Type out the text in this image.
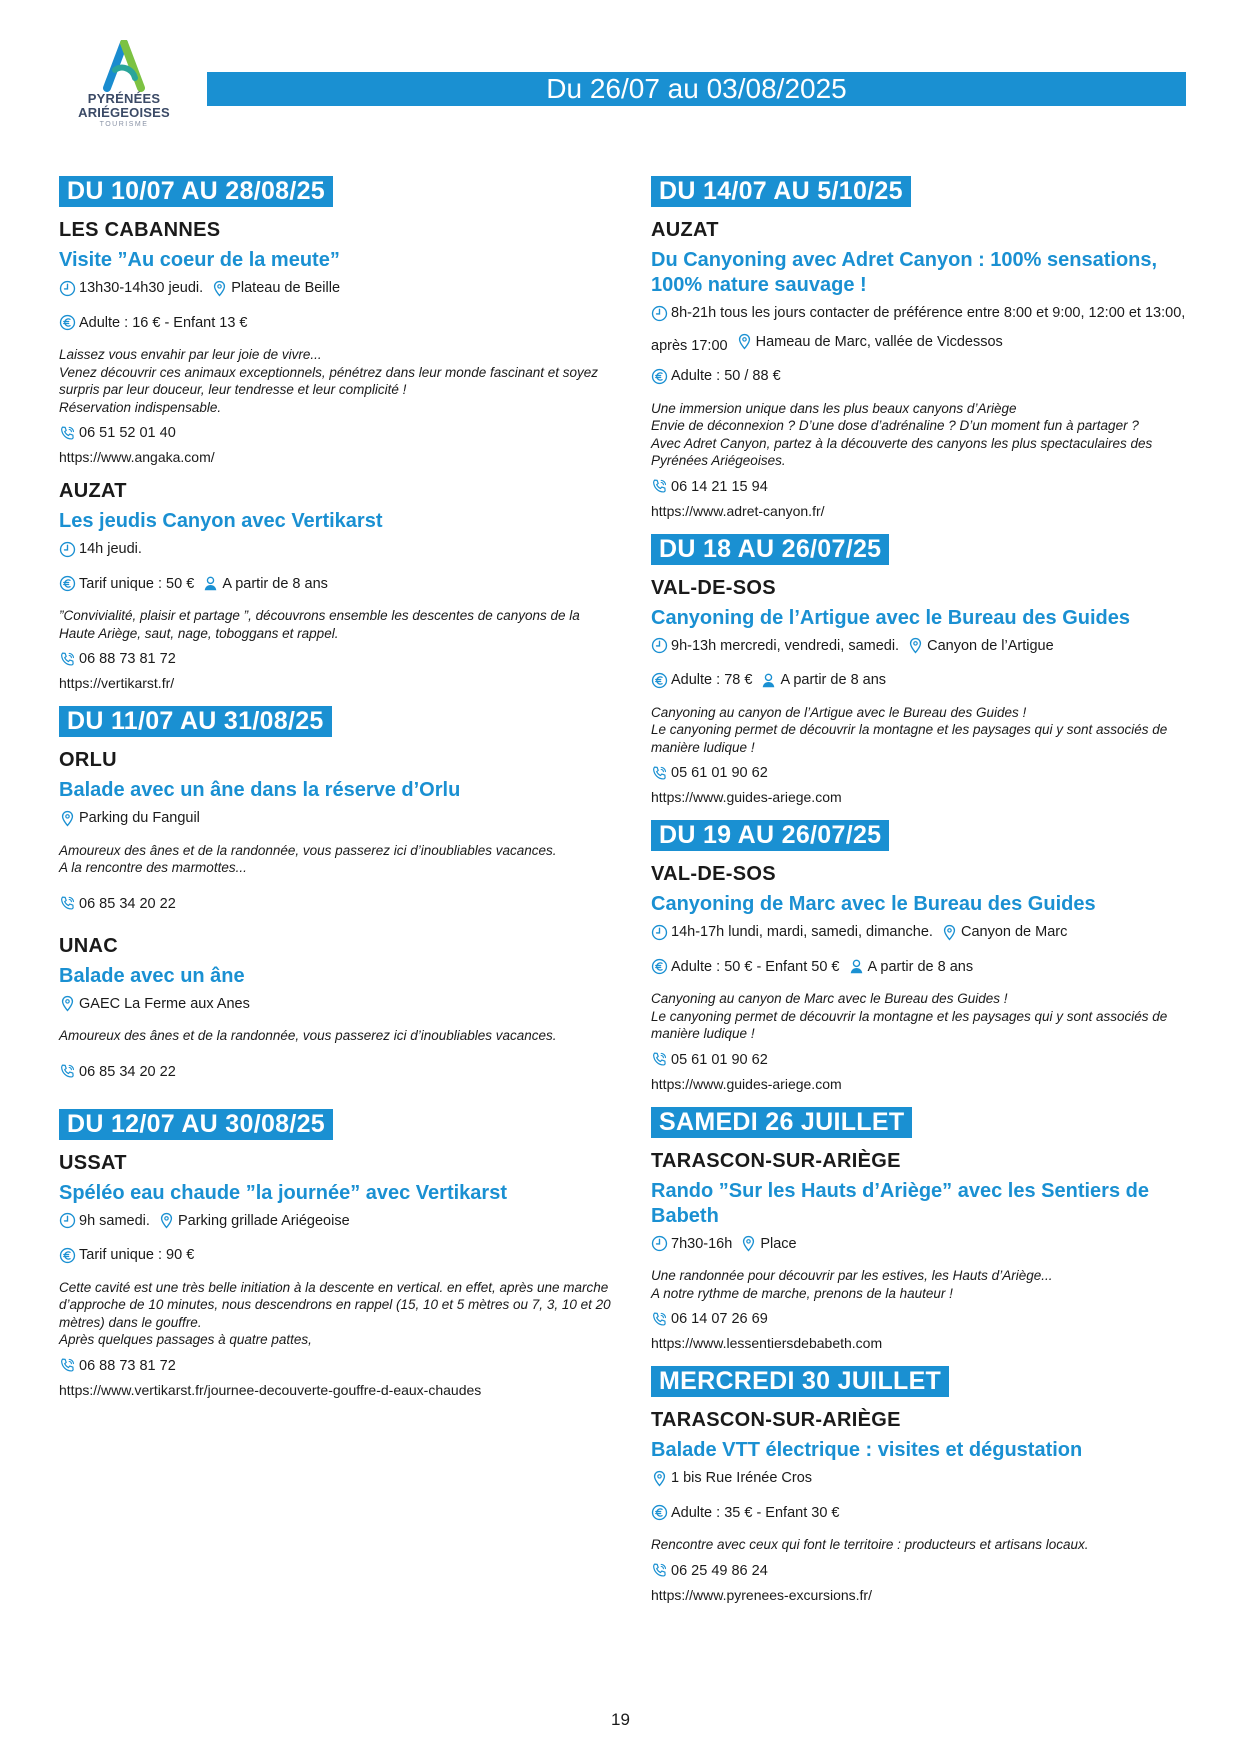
PYRÉNÉES
ARIÉGEOISES
TOURISME
Du 26/07 au 03/08/2025
DU 10/07 AU 28/08/25
LES CABANNES
Visite ”Au coeur de la meute”
13h30-14h30 jeudi.
Plateau de Beille
Adulte : 16 € - Enfant 13 €
Laissez vous envahir par leur joie de vivre...
Venez découvrir ces animaux exceptionnels, pénétrez dans leur monde fascinant et soyez surpris par leur douceur, leur tendresse et leur complicité !
Réservation indispensable.
06 51 52 01 40
https://www.angaka.com/
AUZAT
Les jeudis Canyon avec Vertikarst
14h jeudi.
Tarif unique : 50 €
A partir de 8 ans
”Convivialité, plaisir et partage ”, découvrons ensemble les descentes de canyons de la Haute Ariège, saut, nage, toboggans et rappel.
06 88 73 81 72
https://vertikarst.fr/
DU 11/07 AU 31/08/25
ORLU
Balade avec un âne dans la réserve d’Orlu
Parking du Fanguil
Amoureux des ânes et de la randonnée, vous passerez ici d’inoubliables vacances.
A la rencontre des marmottes...
06 85 34 20 22
UNAC
Balade avec un âne
GAEC La Ferme aux Anes
Amoureux des ânes et de la randonnée, vous passerez ici d’inoubliables vacances.
06 85 34 20 22
DU 12/07 AU 30/08/25
USSAT
Spéléo eau chaude ”la journée” avec Vertikarst
9h samedi.
Parking grillade Ariégeoise
Tarif unique : 90 €
Cette cavité est une très belle initiation à la descente en vertical. en effet, après une marche d’approche de 10 minutes, nous descendrons en rappel (15, 10 et 5 mètres ou 7, 3, 10 et 20 mètres) dans le gouffre.
Après quelques passages à quatre pattes,
06 88 73 81 72
https://www.vertikarst.fr/journee-decouverte-gouffre-d-eaux-chaudes
DU 14/07 AU 5/10/25
AUZAT
Du Canyoning avec Adret Canyon : 100% sensations, 100% nature sauvage !
8h-21h tous les jours contacter de préférence entre 8:00 et 9:00, 12:00 et 13:00,
après 17:00
Hameau de Marc, vallée de Vicdessos
Adulte : 50 / 88 €
Une immersion unique dans les plus beaux canyons d’Ariège
Envie de déconnexion ? D’une dose d’adrénaline ? D’un moment fun à partager ?
Avec Adret Canyon, partez à la découverte des canyons les plus spectaculaires des Pyrénées Ariégeoises.
06 14 21 15 94
https://www.adret-canyon.fr/
DU 18 AU 26/07/25
VAL-DE-SOS
Canyoning de l’Artigue avec le Bureau des Guides
9h-13h mercredi, vendredi, samedi.
Canyon de l’Artigue
Adulte : 78 €
A partir de 8 ans
Canyoning au canyon de l’Artigue avec le Bureau des Guides !
Le canyoning permet de découvrir la montagne et les paysages qui y sont associés de manière ludique !
05 61 01 90 62
https://www.guides-ariege.com
DU 19 AU 26/07/25
VAL-DE-SOS
Canyoning de Marc avec le Bureau des Guides
14h-17h lundi, mardi, samedi, dimanche.
Canyon de Marc
Adulte : 50 € - Enfant 50 €
A partir de 8 ans
Canyoning au canyon de Marc avec le Bureau des Guides !
Le canyoning permet de découvrir la montagne et les paysages qui y sont associés de manière ludique !
05 61 01 90 62
https://www.guides-ariege.com
SAMEDI 26 JUILLET
TARASCON-SUR-ARIÈGE
Rando ”Sur les Hauts d’Ariège” avec les Sentiers de Babeth
7h30-16h
Place
Une randonnée pour découvrir par les estives, les Hauts d’Ariège...
A notre rythme de marche, prenons de la hauteur !
06 14 07 26 69
https://www.lessentiersdebabeth.com
MERCREDI 30 JUILLET
TARASCON-SUR-ARIÈGE
Balade VTT électrique : visites et dégustation
1 bis Rue Irénée Cros
Adulte : 35 € - Enfant 30 €
Rencontre avec ceux qui font le territoire : producteurs et artisans locaux.
06 25 49 86 24
https://www.pyrenees-excursions.fr/
19
